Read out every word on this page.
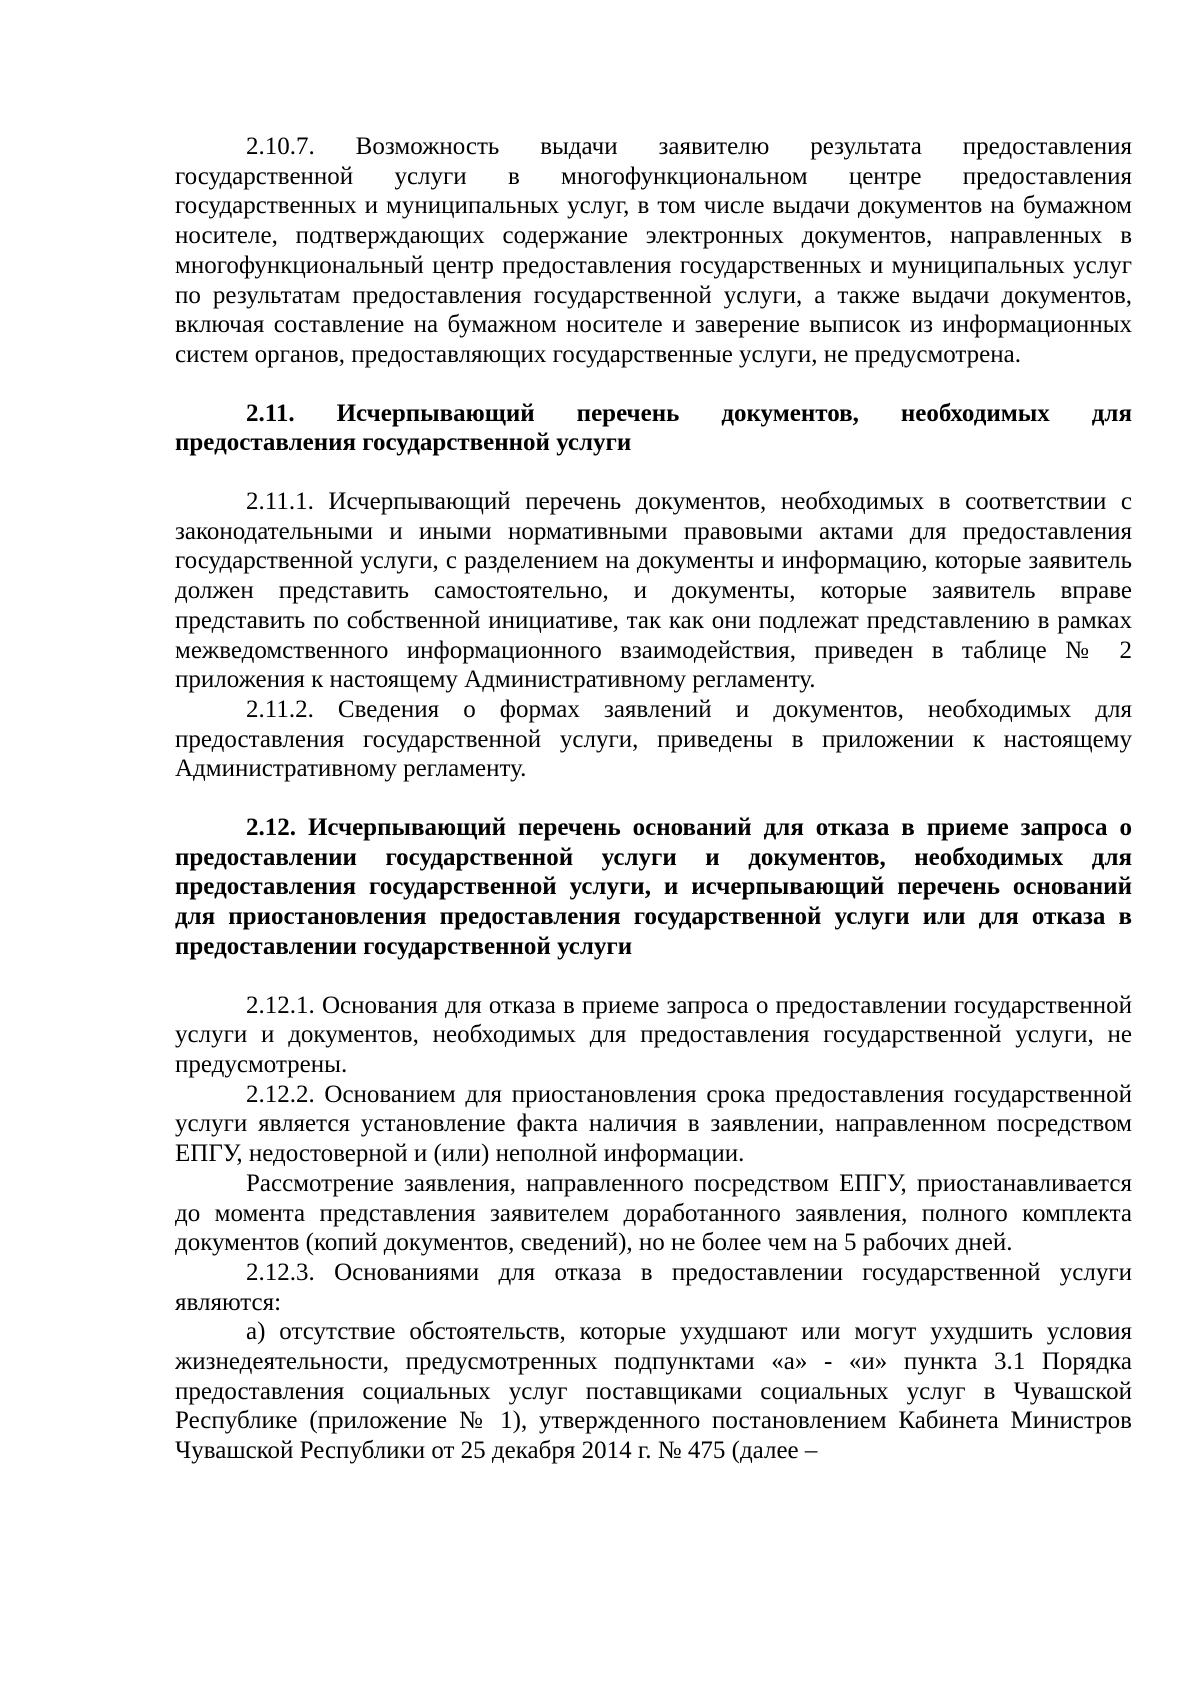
2.10.7. Возможность выдачи заявителю результата предоставления государственной услуги в многофункциональном центре предоставления государственных и муниципальных услуг, в том числе выдачи документов на бумажном носителе, подтверждающих содержание электронных документов, направленных в многофункциональный центр предоставления государственных и муниципальных услуг по результатам предоставления государственной услуги, а также выдачи документов, включая составление на бумажном носителе и заверение выписок из информационных систем органов, предоставляющих государственные услуги, не предусмотрена.

2.11. Исчерпывающий перечень документов, необходимых для предоставления государственной услуги

2.11.1. Исчерпывающий перечень документов, необходимых в соответствии с законодательными и иными нормативными правовыми актами для предоставления государственной услуги, с разделением на документы и информацию, которые заявитель должен представить самостоятельно, и документы, которые заявитель вправе представить по собственной инициативе, так как они подлежат представлению в рамках межведомственного информационного взаимодействия, приведен в таблице № 2 приложения к настоящему Административному регламенту.

2.11.2. Сведения о формах заявлений и документов, необходимых для предоставления государственной услуги, приведены в приложении к настоящему Административному регламенту.

2.12. Исчерпывающий перечень оснований для отказа в приеме запроса о предоставлении государственной услуги и документов, необходимых для предоставления государственной услуги, и исчерпывающий перечень оснований для приостановления предоставления государственной услуги или для отказа в предоставлении государственной услуги

2.12.1. Основания для отказа в приеме запроса о предоставлении государственной услуги и документов, необходимых для предоставления государственной услуги, не предусмотрены.

2.12.2. Основанием для приостановления срока предоставления государственной услуги является установление факта наличия в заявлении, направленном посредством ЕПГУ, недостоверной и (или) неполной информации.

Рассмотрение заявления, направленного посредством ЕПГУ, приостанавливается до момента представления заявителем доработанного заявления, полного комплекта документов (копий документов, сведений), но не более чем на 5 рабочих дней.

2.12.3. Основаниями для отказа в предоставлении государственной услуги являются:

а) отсутствие обстоятельств, которые ухудшают или могут ухудшить условия жизнедеятельности, предусмотренных подпунктами «а» - «и» пункта 3.1 Порядка предоставления социальных услуг поставщиками социальных услуг в Чувашской Республике (приложение № 1), утвержденного постановлением Кабинета Министров Чувашской Республики от 25 декабря 2014 г. № 475 (далее –
